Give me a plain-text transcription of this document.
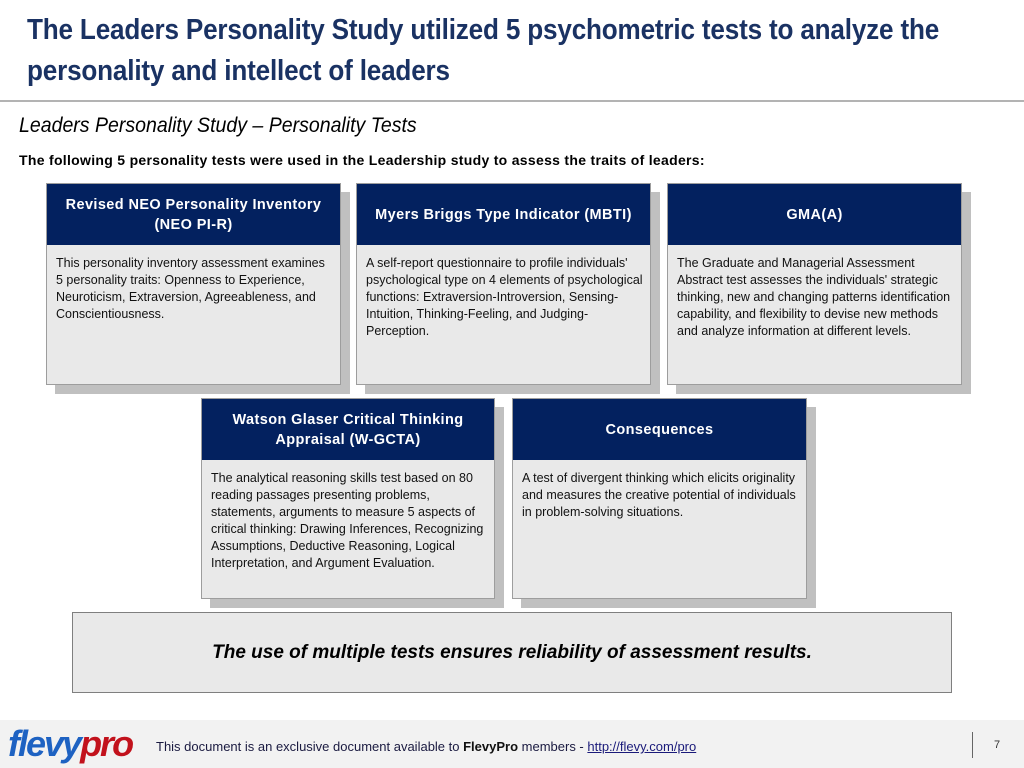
The Leaders Personality Study utilized 5 psychometric tests to analyze the personality and intellect of leaders
Leaders Personality Study – Personality Tests
The following 5 personality tests were used in the Leadership study to assess the traits of leaders:
Revised NEO Personality Inventory (NEO PI-R)
This personality inventory assessment examines 5 personality traits: Openness to Experience, Neuroticism, Extraversion, Agreeableness, and Conscientiousness.
Myers Briggs Type Indicator (MBTI)
A self-report questionnaire to profile individuals' psychological type on 4 elements of psychological functions: Extraversion-Introversion, Sensing-Intuition, Thinking-Feeling, and Judging-Perception.
GMA(A)
The Graduate and Managerial Assessment Abstract test assesses the individuals' strategic thinking, new and changing patterns identification capability, and flexibility to devise new methods and analyze information at different levels.
Watson Glaser Critical Thinking Appraisal (W-GCTA)
The analytical reasoning skills test based on 80 reading passages presenting problems, statements, arguments to measure 5 aspects of critical thinking: Drawing Inferences, Recognizing Assumptions, Deductive Reasoning, Logical Interpretation, and Argument Evaluation.
Consequences
A test of divergent thinking which elicits originality and measures the creative potential of individuals in problem-solving situations.
The use of multiple tests ensures reliability of assessment results.
flevypro This document is an exclusive document available to FlevyPro members - http://flevy.com/pro	7
